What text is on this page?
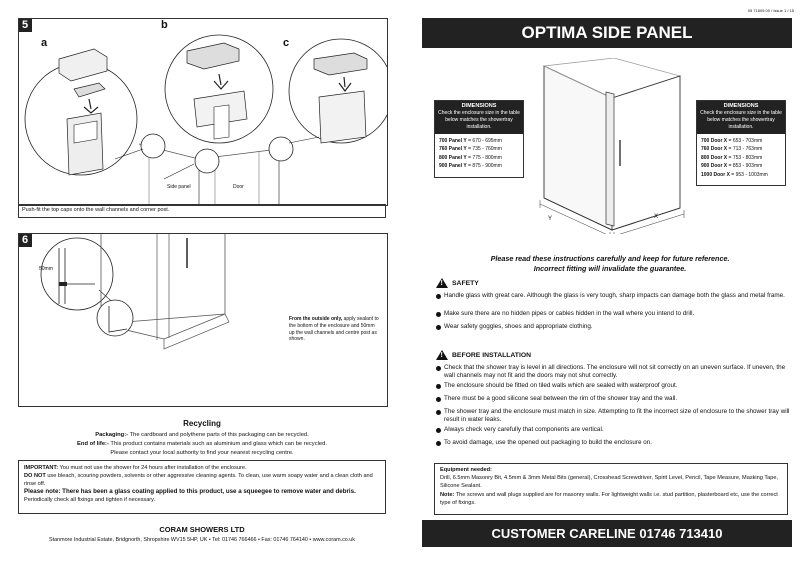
5
a
b
c
Side panel	Door
Push-fit the top caps onto the wall channels and corner post.
6
50mm
From the outside only, apply sealant to the bottom of the enclosure and 50mm up the wall channels and centre post as shown.
Recycling
Packaging:- The cardboard and polythene parts of this packaging can be recycled.
End of life:- This product contains materials such as aluminium and glass which can be recycled.
Please contact your local authority to find your nearest recycling centre.
IMPORTANT: You must not use the shower for 24 hours after installation of the enclosure.
DO NOT use bleach, scouring powders, solvents or other aggressive cleaning agents. To clean, use warm soapy water and a clean cloth and rinse off.
Please note: There has been a glass coating applied to this product, use a squeegee to remove water and debris.
Periodically check all fixings and tighten if necessary.
CORAM SHOWERS LTD
Stanmore Industrial Estate, Bridgnorth, Shropshire WV15 5HP, UK • Tel: 01746 766466 • Fax: 01746 764140 • www.coram.co.uk
05 71605 00 / Issue 1 / 15
OPTIMA SIDE PANEL
Y	X
DIMENSIONS
Check the enclosure size in the table below matches the showertray installation.
700 Panel Y = 670 - 695mm
760 Panel Y = 735 - 760mm
800 Panel Y = 775 - 800mm
900 Panel Y = 875 - 900mm
DIMENSIONS
Check the enclosure size in the table below matches the showertray installation.
700 Door X = 653 - 703mm
760 Door X = 713 - 763mm
800 Door X = 753 - 803mm
900 Door X = 853 - 903mm
1000 Door X = 953 - 1003mm
Please read these instructions carefully and keep for future reference.
Incorrect fitting will invalidate the guarantee.
!
SAFETY
Handle glass with great care. Although the glass is very tough, sharp impacts can damage both the glass and metal frame.
Make sure there are no hidden pipes or cables hidden in the wall where you intend to drill.
Wear safety goggles, shoes and appropriate clothing.
!
BEFORE INSTALLATION
Check that the shower tray is level in all directions. The enclosure will not sit correctly on an uneven surface. If uneven, the wall channels may not fit and the doors may not shut correctly.
The enclosure should be fitted on tiled walls which are sealed with waterproof grout.
There must be a good silicone seal between the rim of the shower tray and the wall.
The shower tray and the enclosure must match in size. Attempting to fit the incorrect size of enclosure to the shower tray will result in water leaks.
Always check very carefully that components are vertical.
To avoid damage, use the opened out packaging to build the enclosure on.
Equipment needed:
Drill, 6.5mm Masonry Bit, 4.5mm & 3mm Metal Bits (general), Crosshead Screwdriver, Spirit Level, Pencil, Tape Measure, Masking Tape, Silicone Sealant.
Note: The screws and wall plugs supplied are for masonry walls. For lightweight walls i.e. stud partition, plasterboard etc, use the correct type of fixings.
CUSTOMER CARELINE 01746 713410
